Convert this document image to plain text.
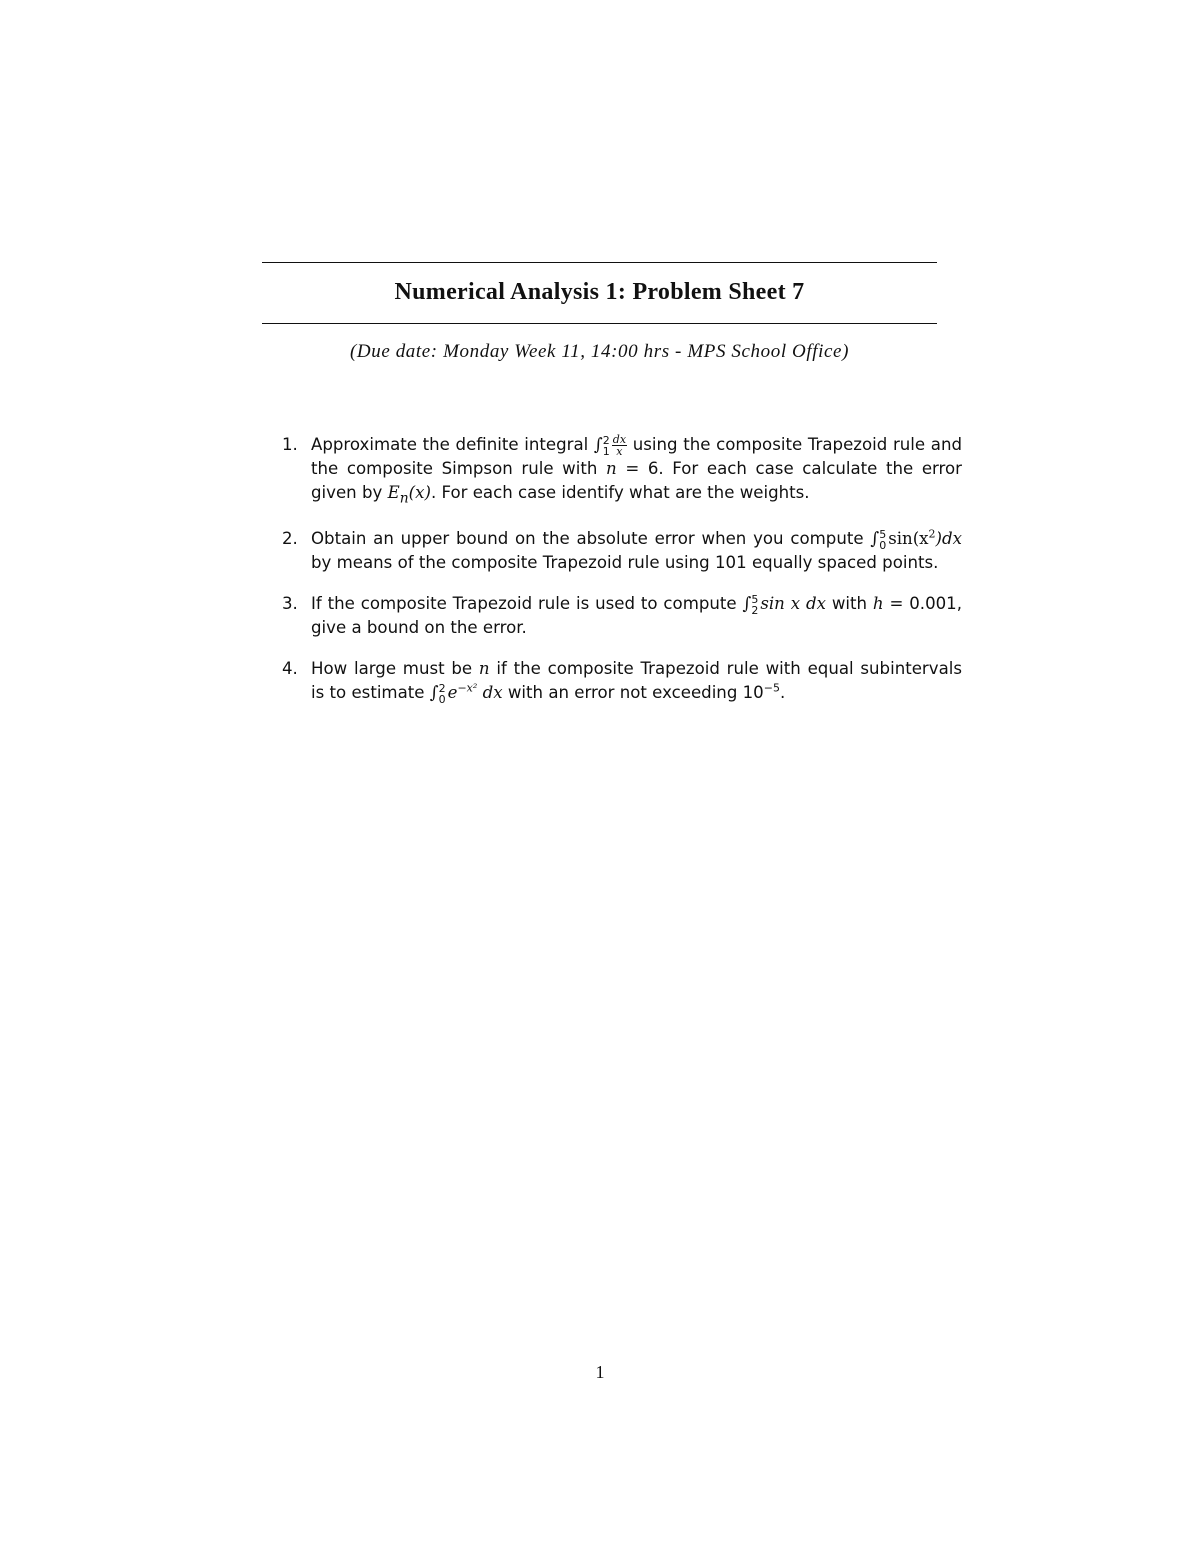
Numerical Analysis 1: Problem Sheet 7
(Due date: Monday Week 11, 14:00 hrs - MPS School Office)
1. Approximate the definite integral ∫ 2
$1 \frac{dx}{x}$ using the composite Trapezoid rule and the composite Simpson rule with n = 6. For each case calculate the error given by $E_n(x)$. For each case identify what are the weights.
2. Obtain an upper bound on the absolute error when you compute ∫ 5
0 $\sin(x^2)dx$ by means of the composite Trapezoid rule using 101 equally spaced points.
3. If the composite Trapezoid rule is used to compute ∫ 5
2 sin x dx with h = 0.001, give a bound on the error.
4. How large must be n if the composite Trapezoid rule with equal subintervals is to estimate ∫ 2
0 $e^{-x^2}$ dx with an error not exceeding $10^{-5}$.
1
